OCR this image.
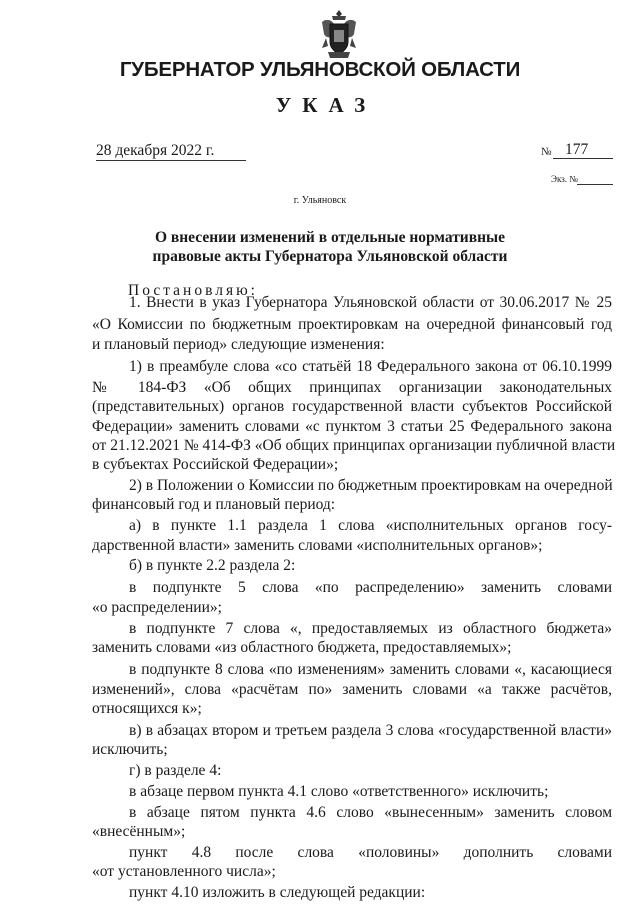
ГУБЕРНАТОР УЛЬЯНОВСКОЙ ОБЛАСТИ
УКАЗ
28 декабря 2022 г.	№ 177
Экз. №
г. Ульяновск
О внесении изменений в отдельные нормативные
правовые акты Губернатора Ульяновской области
Постановляю:
1. Внести в указ Губернатора Ульяновской области от 30.06.2017 № 25
«О Комиссии по бюджетным проектировкам на очередной финансовый год
и плановый период» следующие изменения:
1) в преамбуле слова «со статьёй 18 Федерального закона от 06.10.1999
№ 184-ФЗ «Об общих принципах организации законодательных
(представительных) органов государственной власти субъектов Российской
Федерации» заменить словами «с пунктом 3 статьи 25 Федерального закона
от 21.12.2021 № 414-ФЗ «Об общих принципах организации публичной власти
в субъектах Российской Федерации»;
2) в Положении о Комиссии по бюджетным проектировкам на очередной
финансовый год и плановый период:
а) в пункте 1.1 раздела 1 слова «исполнительных органов госу-
дарственной власти» заменить словами «исполнительных органов»;
б) в пункте 2.2 раздела 2:
в подпункте 5 слова «по распределению» заменить словами
«о распределении»;
в подпункте 7 слова «, предоставляемых из областного бюджета»
заменить словами «из областного бюджета, предоставляемых»;
в подпункте 8 слова «по изменениям» заменить словами «, касающиеся
изменений», слова «расчётам по» заменить словами «а также расчётов,
относящихся к»;
в) в абзацах втором и третьем раздела 3 слова «государственной власти»
исключить;
г) в разделе 4:
в абзаце первом пункта 4.1 слово «ответственного» исключить;
в абзаце пятом пункта 4.6 слово «вынесенным» заменить словом
«внесённым»;
пункт 4.8 после слова «половины» дополнить словами
«от установленного числа»;
пункт 4.10 изложить в следующей редакции:
